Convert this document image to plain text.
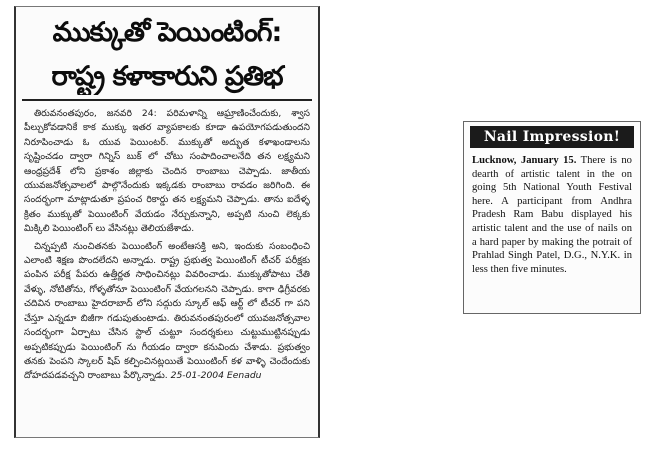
ముక్కుతో పెయింటింగ్:
రాష్ట్ర కళాకారుని ప్రతిభ

తిరువనంతపురం, జనవరి 24: పరిమళాన్ని ఆఘ్రాణించేందుకు, శ్వాస పీల్చుకోవడానికే కాక ముక్కు ఇతర వ్యాపకాలకు కూడా ఉపయోగపడుతుందని నిరూపించాడు ఓ యువ పెయింటర్. ముక్కుతో అద్భుత కళాఖండాలను సృష్టించడం ద్వారా గిన్నిస్ బుక్ లో చోటు సంపాదించాలనేది తన లక్ష్యమని ఆంధ్రప్రదేశ్ లోని ప్రకాశం జిల్లాకు చెందిన రాంబాబు చెప్పాడు. జాతీయ యువజనోత్సవాలలో పాల్గొనేందుకు ఇక్కడకు రాంబాబు రావడం జరిగింది. ఈ సందర్భంగా మాట్లాడుతూ ప్రపంచ రికార్డు తన లక్ష్యమని చెప్పాడు. తాను ఐదేళ్ళ క్రితం ముక్కుతో పెయింటింగ్ వేయడం నేర్చుకున్నాని, అప్పటి నుంచి లెక్కకు మిక్కిలి పెయింటింగ్ లు వేసినట్లు తెలియజేశాడు.

చిన్నప్పటి నుంచితనకు పెయింటింగ్ అంటేఆసక్తి అని, ఇందుకు సంబంధించి ఎలాంటి శిక్షణ పొందలేదని అన్నాడు. రాష్ట్ర ప్రభుత్వ పెయింటింగ్ టీచర్ పరీక్షకు పంపిన పరీక్ష పేపరు ఉత్తీర్ణత సాధించినట్లు వివరించాడు. ముక్కుతోపాటు చేతి వేళ్ళు, నోటితోను, గోళ్ళతోనూ పెయింటింగ్ వేయగలనని చెప్పాడు. కాగా ఢిగ్రీవరకు చదివిన రాంబాబు హైదరాబాద్ లోని సద్గురు స్కూల్ ఆఫ్ ఆర్ట్ లో టీచర్ గా పని చేస్తూ ఎన్నడూ బిజీగా గడుపుతుంటాడు. తిరువనంతపురంలో యువజనోత్సవాల సందర్భంగా ఏర్పాటు చేసిన స్టాల్ చుట్టూ సందర్శకులు చుట్టుముట్టినప్పుడు అప్పటికప్పుడు పెయింటింగ్ ను గీయడం ద్వారా కనువిందు చేశాడు. ప్రభుత్వం తనకు పెంపని స్కాలర్ షిప్ కల్పించినట్లయితే పెయింటింగ్ కళ వాళ్ళి చెందేందుకు దోహదపడవచ్చని రాంబాబు పేర్కొన్నాడు. 25-01-2004 Eenadu

Nail Impression!
Lucknow, January 15. There is no dearth of artistic talent in the on going 5th National Youth Festival here. A participant from Andhra Pradesh Ram Babu displayed his artistic talent and the use of nails on a hard paper by making the potrait of Prahlad Singh Patel, D.G., N.Y.K. in less then five minutes.
